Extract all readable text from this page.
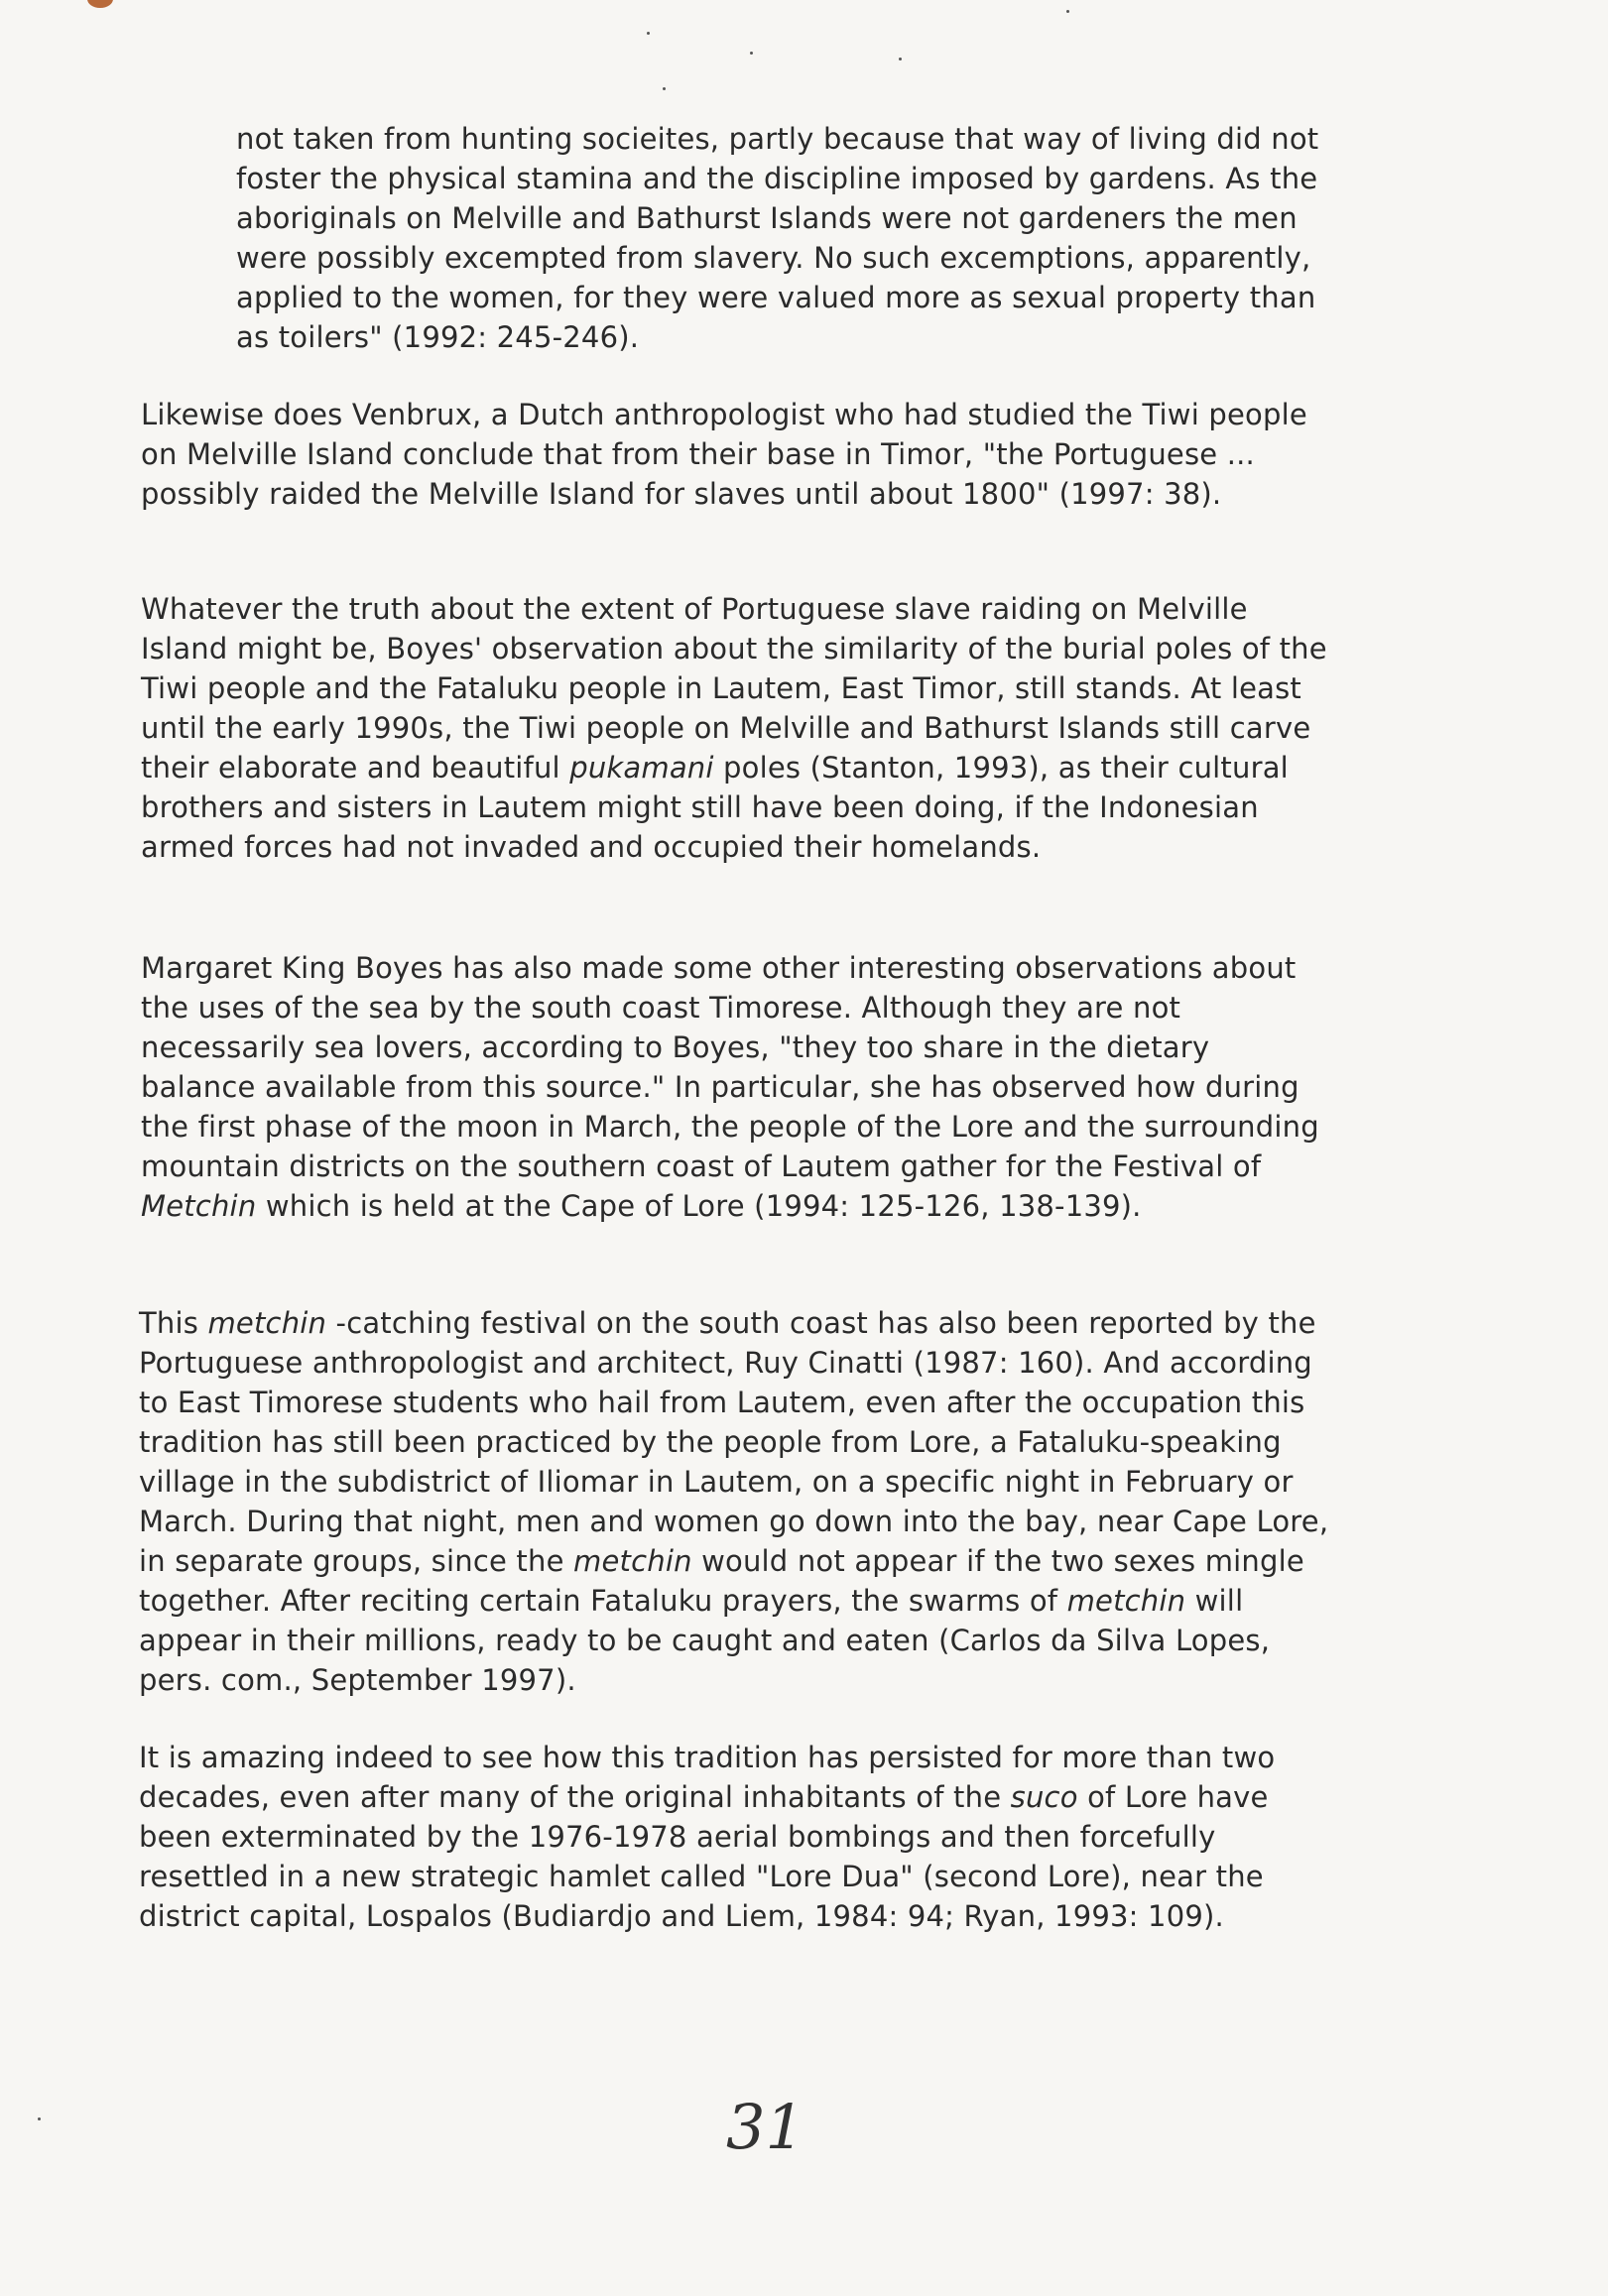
not taken from hunting socieites, partly because that way of living did not foster the physical stamina and the discipline imposed by gardens. As the aboriginals on Melville and Bathurst Islands were not gardeners the men were possibly excempted from slavery. No such excemptions, apparently, applied to the women, for they were valued more as sexual property than as toilers" (1992: 245-246).

Likewise does Venbrux, a Dutch anthropologist who had studied the Tiwi people on Melville Island conclude that from their base in Timor, "the Portuguese ... possibly raided the Melville Island for slaves until about 1800" (1997: 38).

Whatever the truth about the extent of Portuguese slave raiding on Melville Island might be, Boyes' observation about the similarity of the burial poles of the Tiwi people and the Fataluku people in Lautem, East Timor, still stands. At least until the early 1990s, the Tiwi people on Melville and Bathurst Islands still carve their elaborate and beautiful pukamani poles (Stanton, 1993), as their cultural brothers and sisters in Lautem might still have been doing, if the Indonesian armed forces had not invaded and occupied their homelands.

Margaret King Boyes has also made some other interesting observations about the uses of the sea by the south coast Timorese. Although they are not necessarily sea lovers, according to Boyes, "they too share in the dietary balance available from this source." In particular, she has observed how during the first phase of the moon in March, the people of the Lore and the surrounding mountain districts on the southern coast of Lautem gather for the Festival of Metchin which is held at the Cape of Lore (1994: 125-126, 138-139).

This metchin -catching festival on the south coast has also been reported by the Portuguese anthropologist and architect, Ruy Cinatti (1987: 160). And according to East Timorese students who hail from Lautem, even after the occupation this tradition has still been practiced by the people from Lore, a Fataluku-speaking village in the subdistrict of Iliomar in Lautem, on a specific night in February or March. During that night, men and women go down into the bay, near Cape Lore, in separate groups, since the metchin would not appear if the two sexes mingle together. After reciting certain Fataluku prayers, the swarms of metchin will appear in their millions, ready to be caught and eaten (Carlos da Silva Lopes, pers. com., September 1997).

It is amazing indeed to see how this tradition has persisted for more than two decades, even after many of the original inhabitants of the suco of Lore have been exterminated by the 1976-1978 aerial bombings and then forcefully resettled in a new strategic hamlet called "Lore Dua" (second Lore), near the district capital, Lospalos (Budiardjo and Liem, 1984: 94; Ryan, 1993: 109).

31
